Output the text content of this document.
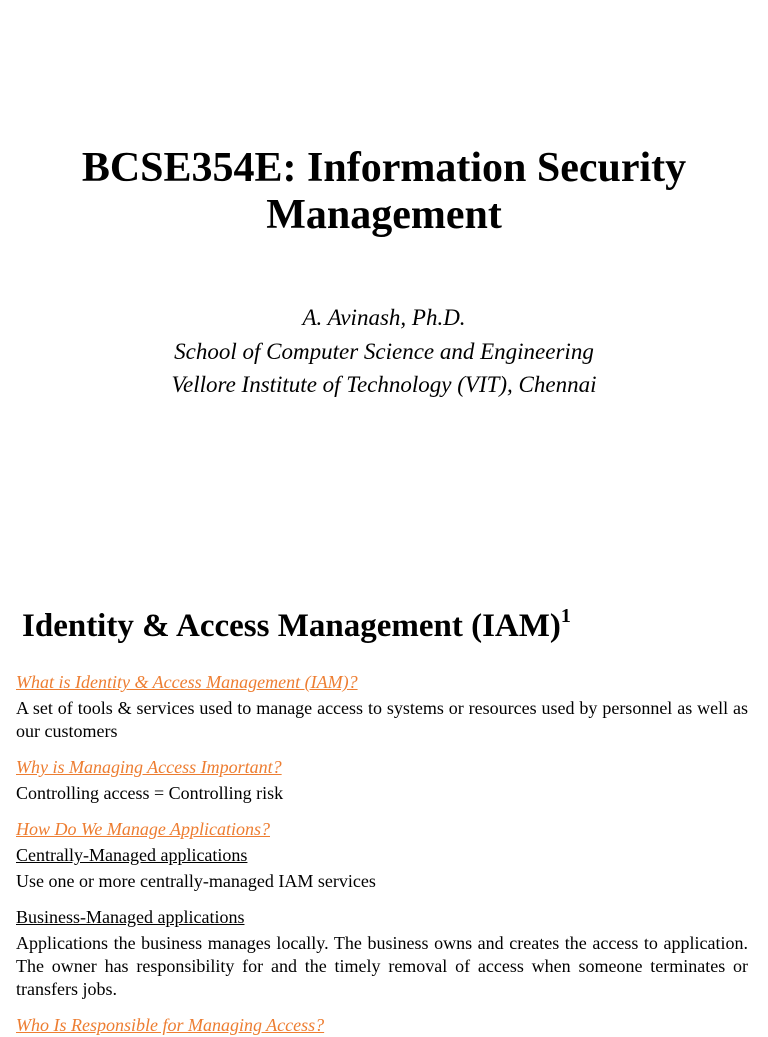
BCSE354E: Information Security
Management
A. Avinash, Ph.D.
School of Computer Science and Engineering
Vellore Institute of Technology (VIT), Chennai
Identity & Access Management (IAM)$^1$
What is Identity & Access Management (IAM)?
A set of tools & services used to manage access to systems or resources used by personnel as well as our customers
Why is Managing Access Important?
Controlling access = Controlling risk
How Do We Manage Applications?
Centrally-Managed applications
Use one or more centrally-managed IAM services
Business-Managed applications
Applications the business manages locally. The business owns and creates the access to application. The owner has responsibility for and the timely removal of access when someone terminates or transfers jobs.
Who Is Responsible for Managing Access?
